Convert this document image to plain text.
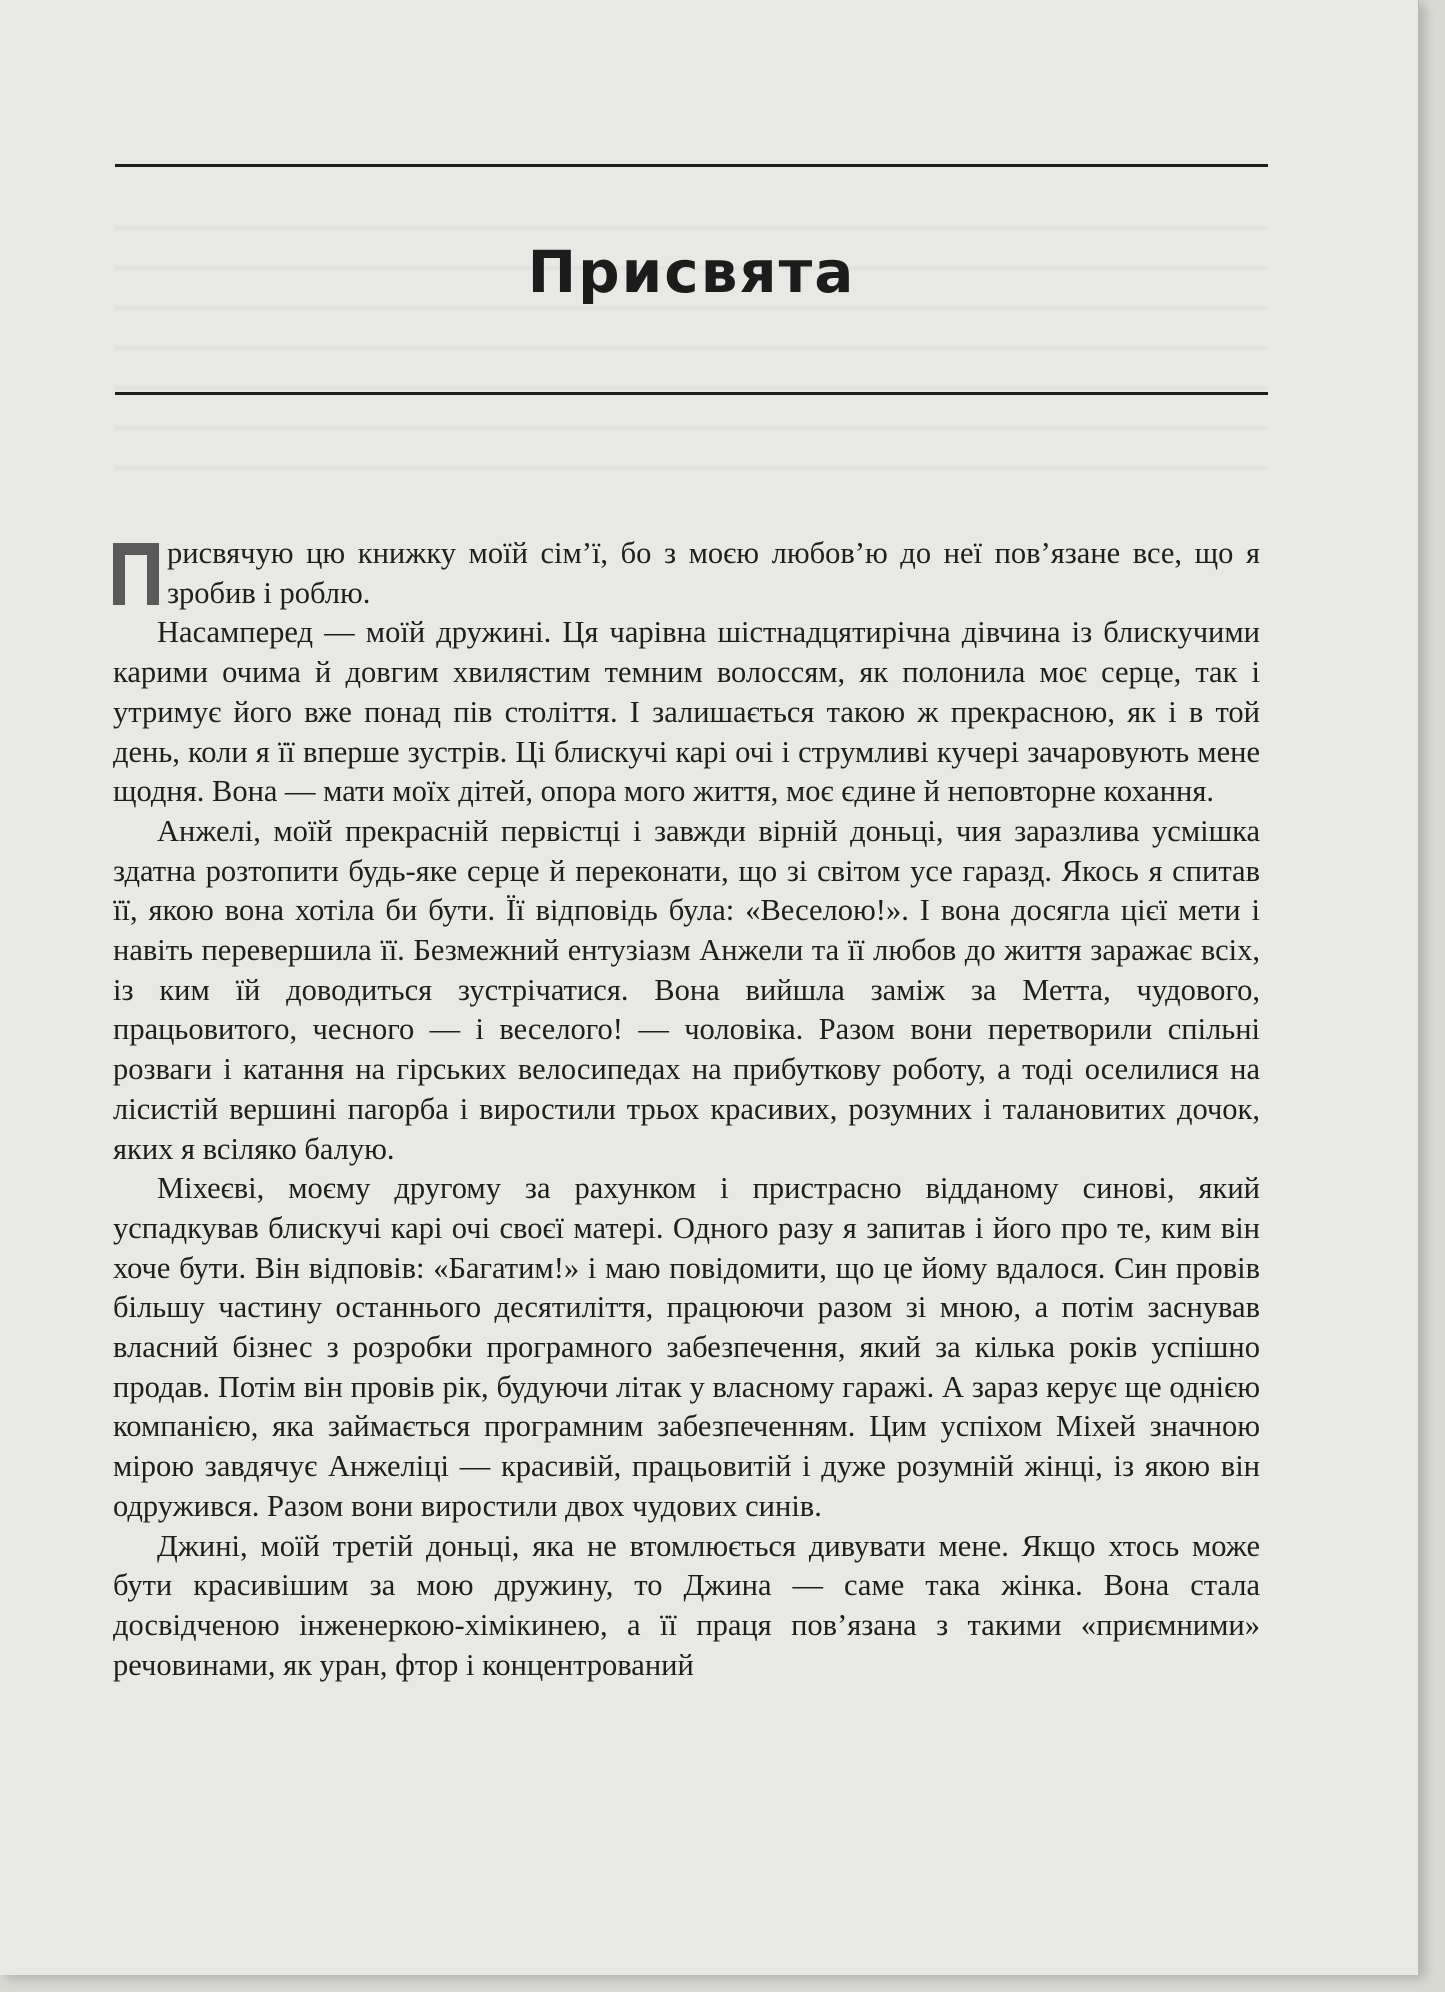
Присвята

рисвячую цю книжку моїй сім’ї, бо з моєю любов’ю до неї пов’язане все, що я зробив і роблю.

Насамперед — моїй дружині. Ця чарівна шістнадцятирічна дівчина із блискучими карими очима й довгим хвилястим темним волоссям, як полонила моє серце, так і утримує його вже понад пів століття. І залишається такою ж прекрасною, як і в той день, коли я її вперше зустрів. Ці блискучі карі очі і струмливі кучері зачаровують мене щодня. Вона — мати моїх дітей, опора мого життя, моє єдине й неповторне кохання.

Анжелі, моїй прекрасній первістці і завжди вірній доньці, чия заразлива усмішка здатна розтопити будь-яке серце й переконати, що зі світом усе гаразд. Якось я спитав її, якою вона хотіла би бути. Її відповідь була: «Веселою!». І вона досягла цієї мети і навіть перевершила її. Безмежний ентузіазм Анжели та її любов до життя заражає всіх, із ким їй доводиться зустрічатися. Вона вийшла заміж за Метта, чудового, працьовитого, чесного — і веселого! — чоловіка. Разом вони перетворили спільні розваги і катання на гірських велосипедах на прибуткову роботу, а тоді оселилися на лісистій вершині пагорба і виростили трьох красивих, розумних і талановитих дочок, яких я всіляко балую.

Міхеєві, моєму другому за рахунком і пристрасно відданому синові, який успадкував блискучі карі очі своєї матері. Одного разу я запитав і його про те, ким він хоче бути. Він відповів: «Багатим!» і маю повідомити, що це йому вдалося. Син провів більшу частину останнього десятиліття, працюючи разом зі мною, а потім заснував власний бізнес з розробки програмного забезпечення, який за кілька років успішно продав. Потім він провів рік, будуючи літак у власному гаражі. А зараз керує ще однією компанією, яка займається програмним забезпеченням. Цим успіхом Міхей значною мірою завдячує Анжеліці — красивій, працьовитій і дуже розумній жінці, із якою він одружився. Разом вони виростили двох чудових синів.

Джині, моїй третій доньці, яка не втомлюється дивувати мене. Якщо хтось може бути красивішим за мою дружину, то Джина — саме така жінка. Вона стала досвідченою інженеркою-хімікинею, а її праця пов’язана з такими «приємними» речовинами, як уран, фтор і концентрований
